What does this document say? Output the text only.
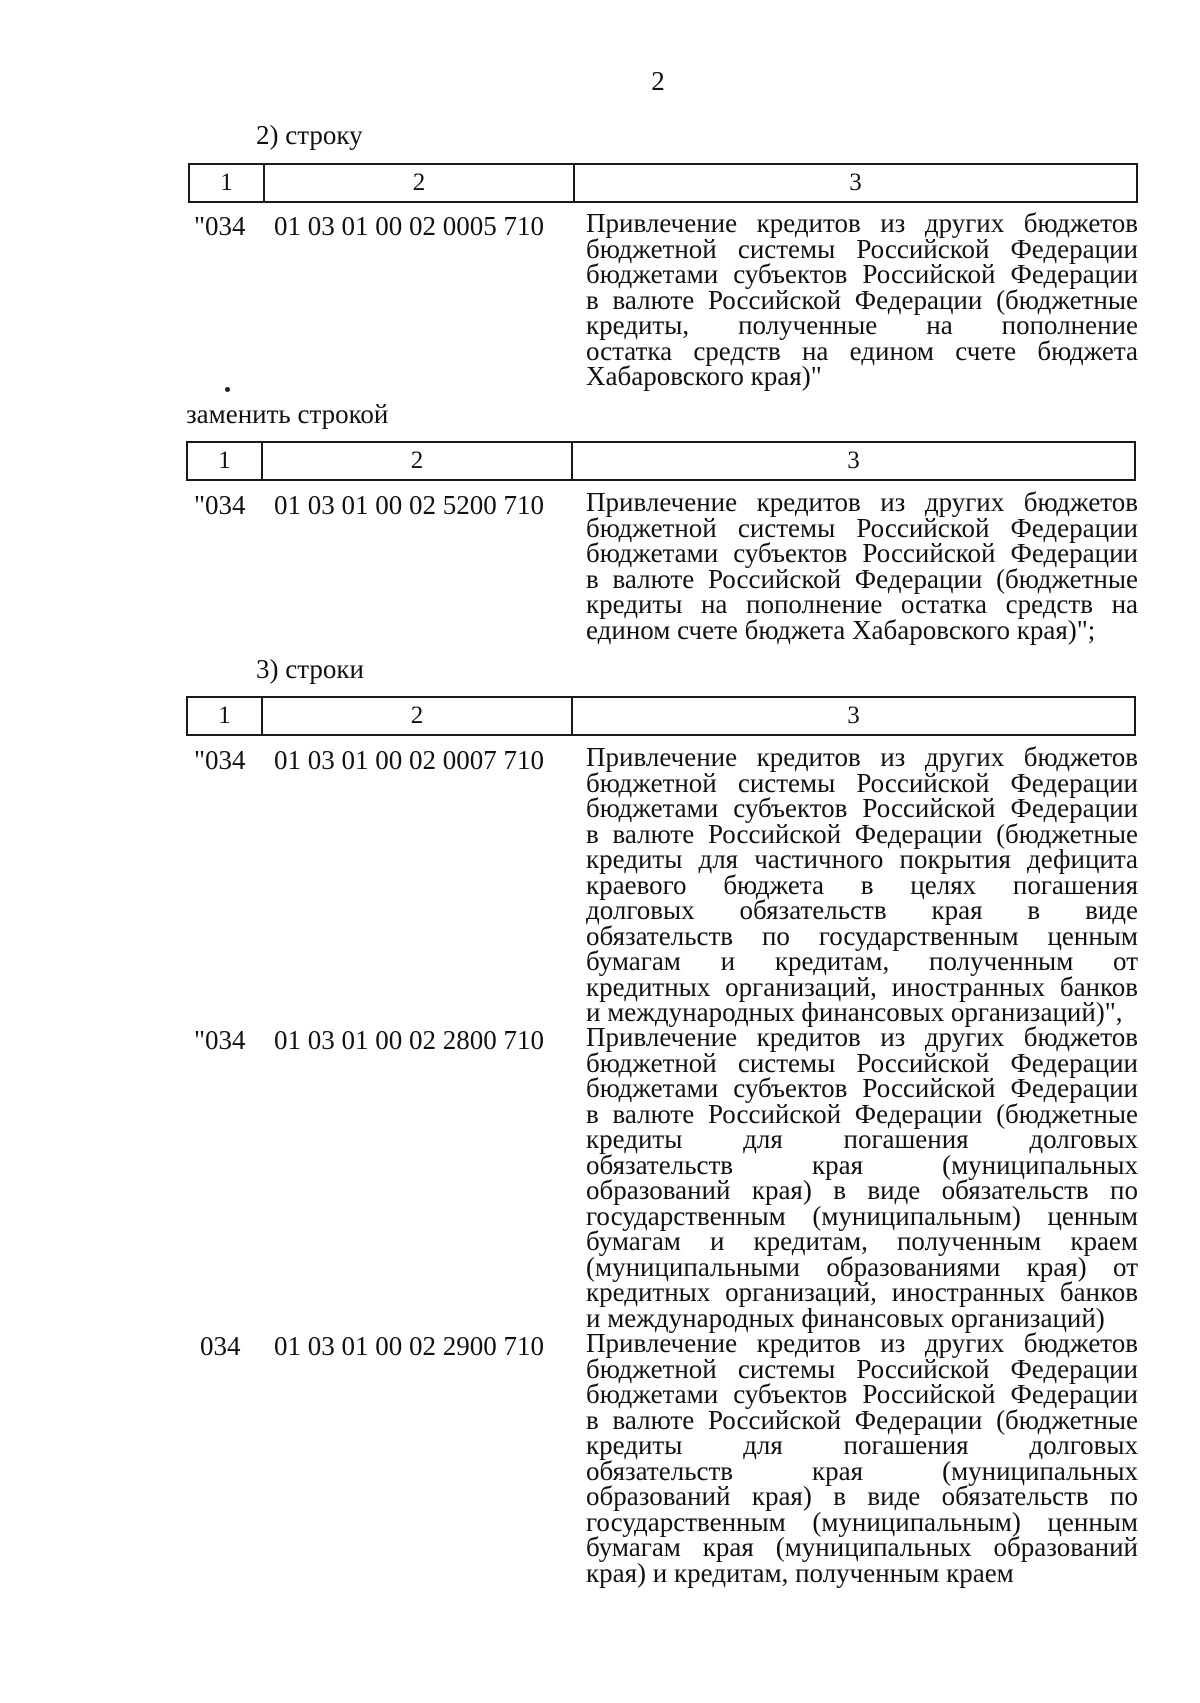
2
2) строку
1	2	3
"034 01 03 01 00 02 0005 710 Привлечение кредитов из других бюджетов
бюджетной системы Российской Федерации
бюджетами субъектов Российской Федерации
в валюте Российской Федерации (бюджетные
кредиты, полученные на пополнение
остатка средств на едином счете бюджета
Хабаровского края)"
заменить строкой
1	2	3
"034 01 03 01 00 02 5200 710 Привлечение кредитов из других бюджетов
бюджетной системы Российской Федерации
бюджетами субъектов Российской Федерации
в валюте Российской Федерации (бюджетные
кредиты на пополнение остатка средств на
едином счете бюджета Хабаровского края)";
3) строки
1	2	3
"034 01 03 01 00 02 0007 710 Привлечение кредитов из других бюджетов
бюджетной системы Российской Федерации
бюджетами субъектов Российской Федерации
в валюте Российской Федерации (бюджетные
кредиты для частичного покрытия дефицита
краевого бюджета в целях погашения
долговых обязательств края в виде
обязательств по государственным ценным
бумагам и кредитам, полученным от
кредитных организаций, иностранных банков
и международных финансовых организаций)",
"034 01 03 01 00 02 2800 710 Привлечение кредитов из других бюджетов
бюджетной системы Российской Федерации
бюджетами субъектов Российской Федерации
в валюте Российской Федерации (бюджетные
кредиты для погашения долговых
обязательств края (муниципальных
образований края) в виде обязательств по
государственным (муниципальным) ценным
бумагам и кредитам, полученным краем
(муниципальными образованиями края) от
кредитных организаций, иностранных банков
и международных финансовых организаций)
034 01 03 01 00 02 2900 710 Привлечение кредитов из других бюджетов
бюджетной системы Российской Федерации
бюджетами субъектов Российской Федерации
в валюте Российской Федерации (бюджетные
кредиты для погашения долговых
обязательств края (муниципальных
образований края) в виде обязательств по
государственным (муниципальным) ценным
бумагам края (муниципальных образований
края) и кредитам, полученным краем
